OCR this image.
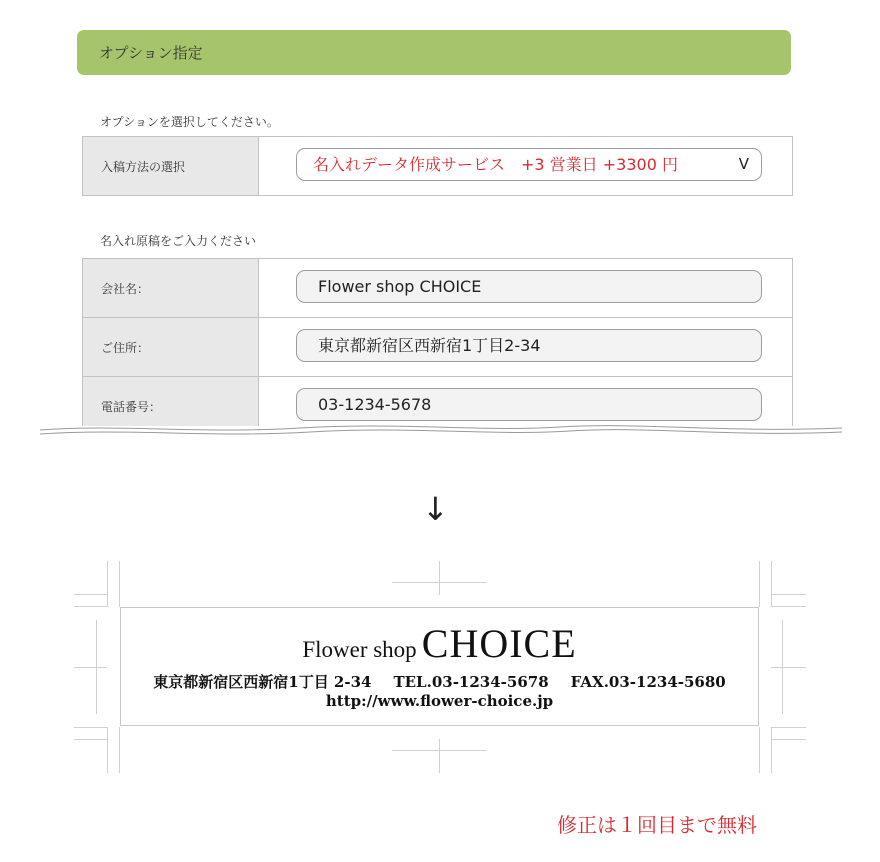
オプション指定
オプションを選択してください。
入稿方法の選択	名入れデータ作成サービス　+3 営業日 +3300 円	V
名入れ原稿をご入力ください
会社名：	Flower shop CHOICE

ご住所：	東京都新宿区西新宿1丁目2-34

電話番号：	03-1234-5678
↓
Flower shop CHOICE
東京都新宿区西新宿1丁目 2-34 TEL.03-1234-5678 FAX.03-1234-5680
http://www.flower-choice.jp
修正は１回目まで無料
